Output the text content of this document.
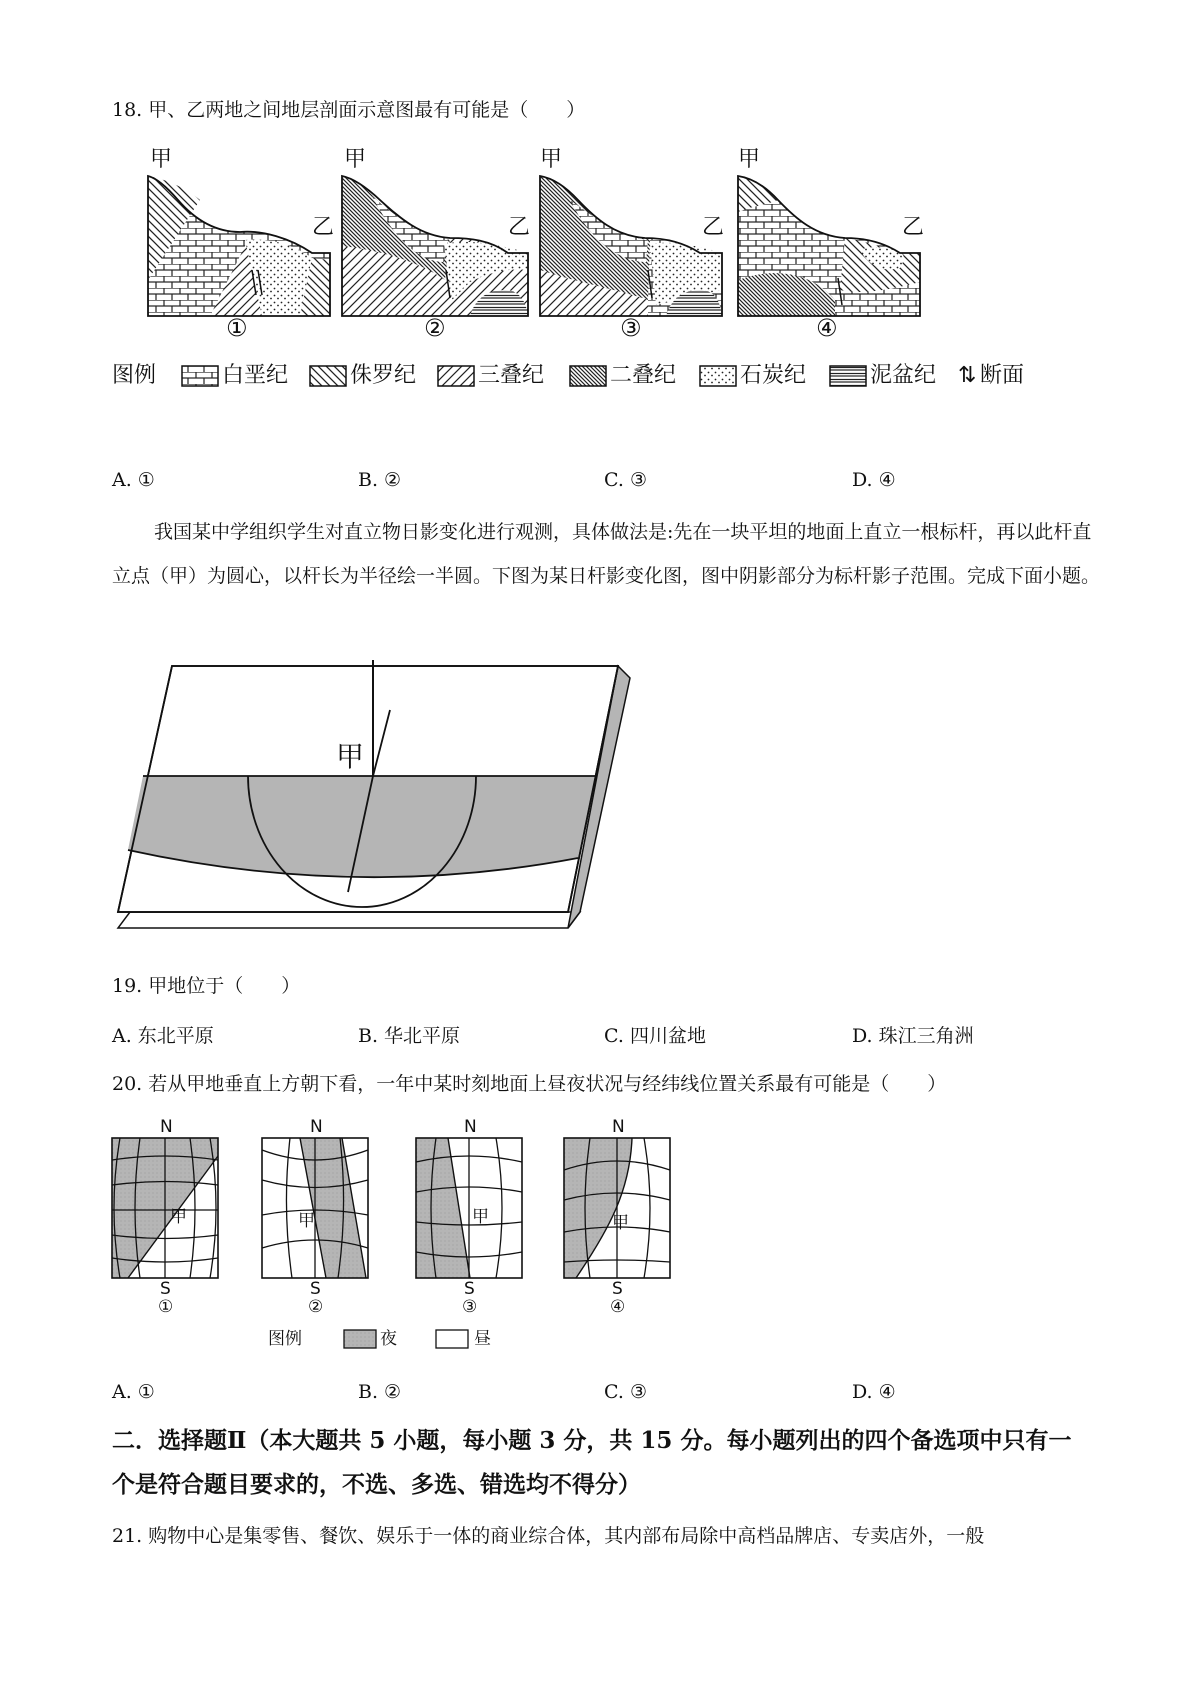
18. 甲、乙两地之间地层剖面示意图最有可能是（　　）
甲
乙
甲
乙
甲
乙
甲
乙
①	②	③	④
图例	白垩纪	侏罗纪	三叠纪	二叠纪	石炭纪	泥盆纪 ⇅ 断面
A. ①	B. ②	C. ③	D. ④
我国某中学组织学生对直立物日影变化进行观测，具体做法是:先在一块平坦的地面上直立一根标杆，再以此杆直立点（甲）为圆心，以杆长为半径绘一半圆。下图为某日杆影变化图，图中阴影部分为标杆影子范围。完成下面小题。
甲
19. 甲地位于（　　）
A. 东北平原	B. 华北平原	C. 四川盆地	D. 珠江三角洲
20. 若从甲地垂直上方朝下看，一年中某时刻地面上昼夜状况与经纬线位置关系最有可能是（　　）
N
S
甲
①
N
S
甲
②
N
S
甲
③
N
S
甲
④
图例	夜	昼
A. ①	B. ②	C. ③	D. ④
二．选择题Ⅱ（本大题共 5 小题，每小题 3 分，共 15 分。每小题列出的四个备选项中只有一
个是符合题目要求的，不选、多选、错选均不得分）
21. 购物中心是集零售、餐饮、娱乐于一体的商业综合体，其内部布局除中高档品牌店、专卖店外，一般
